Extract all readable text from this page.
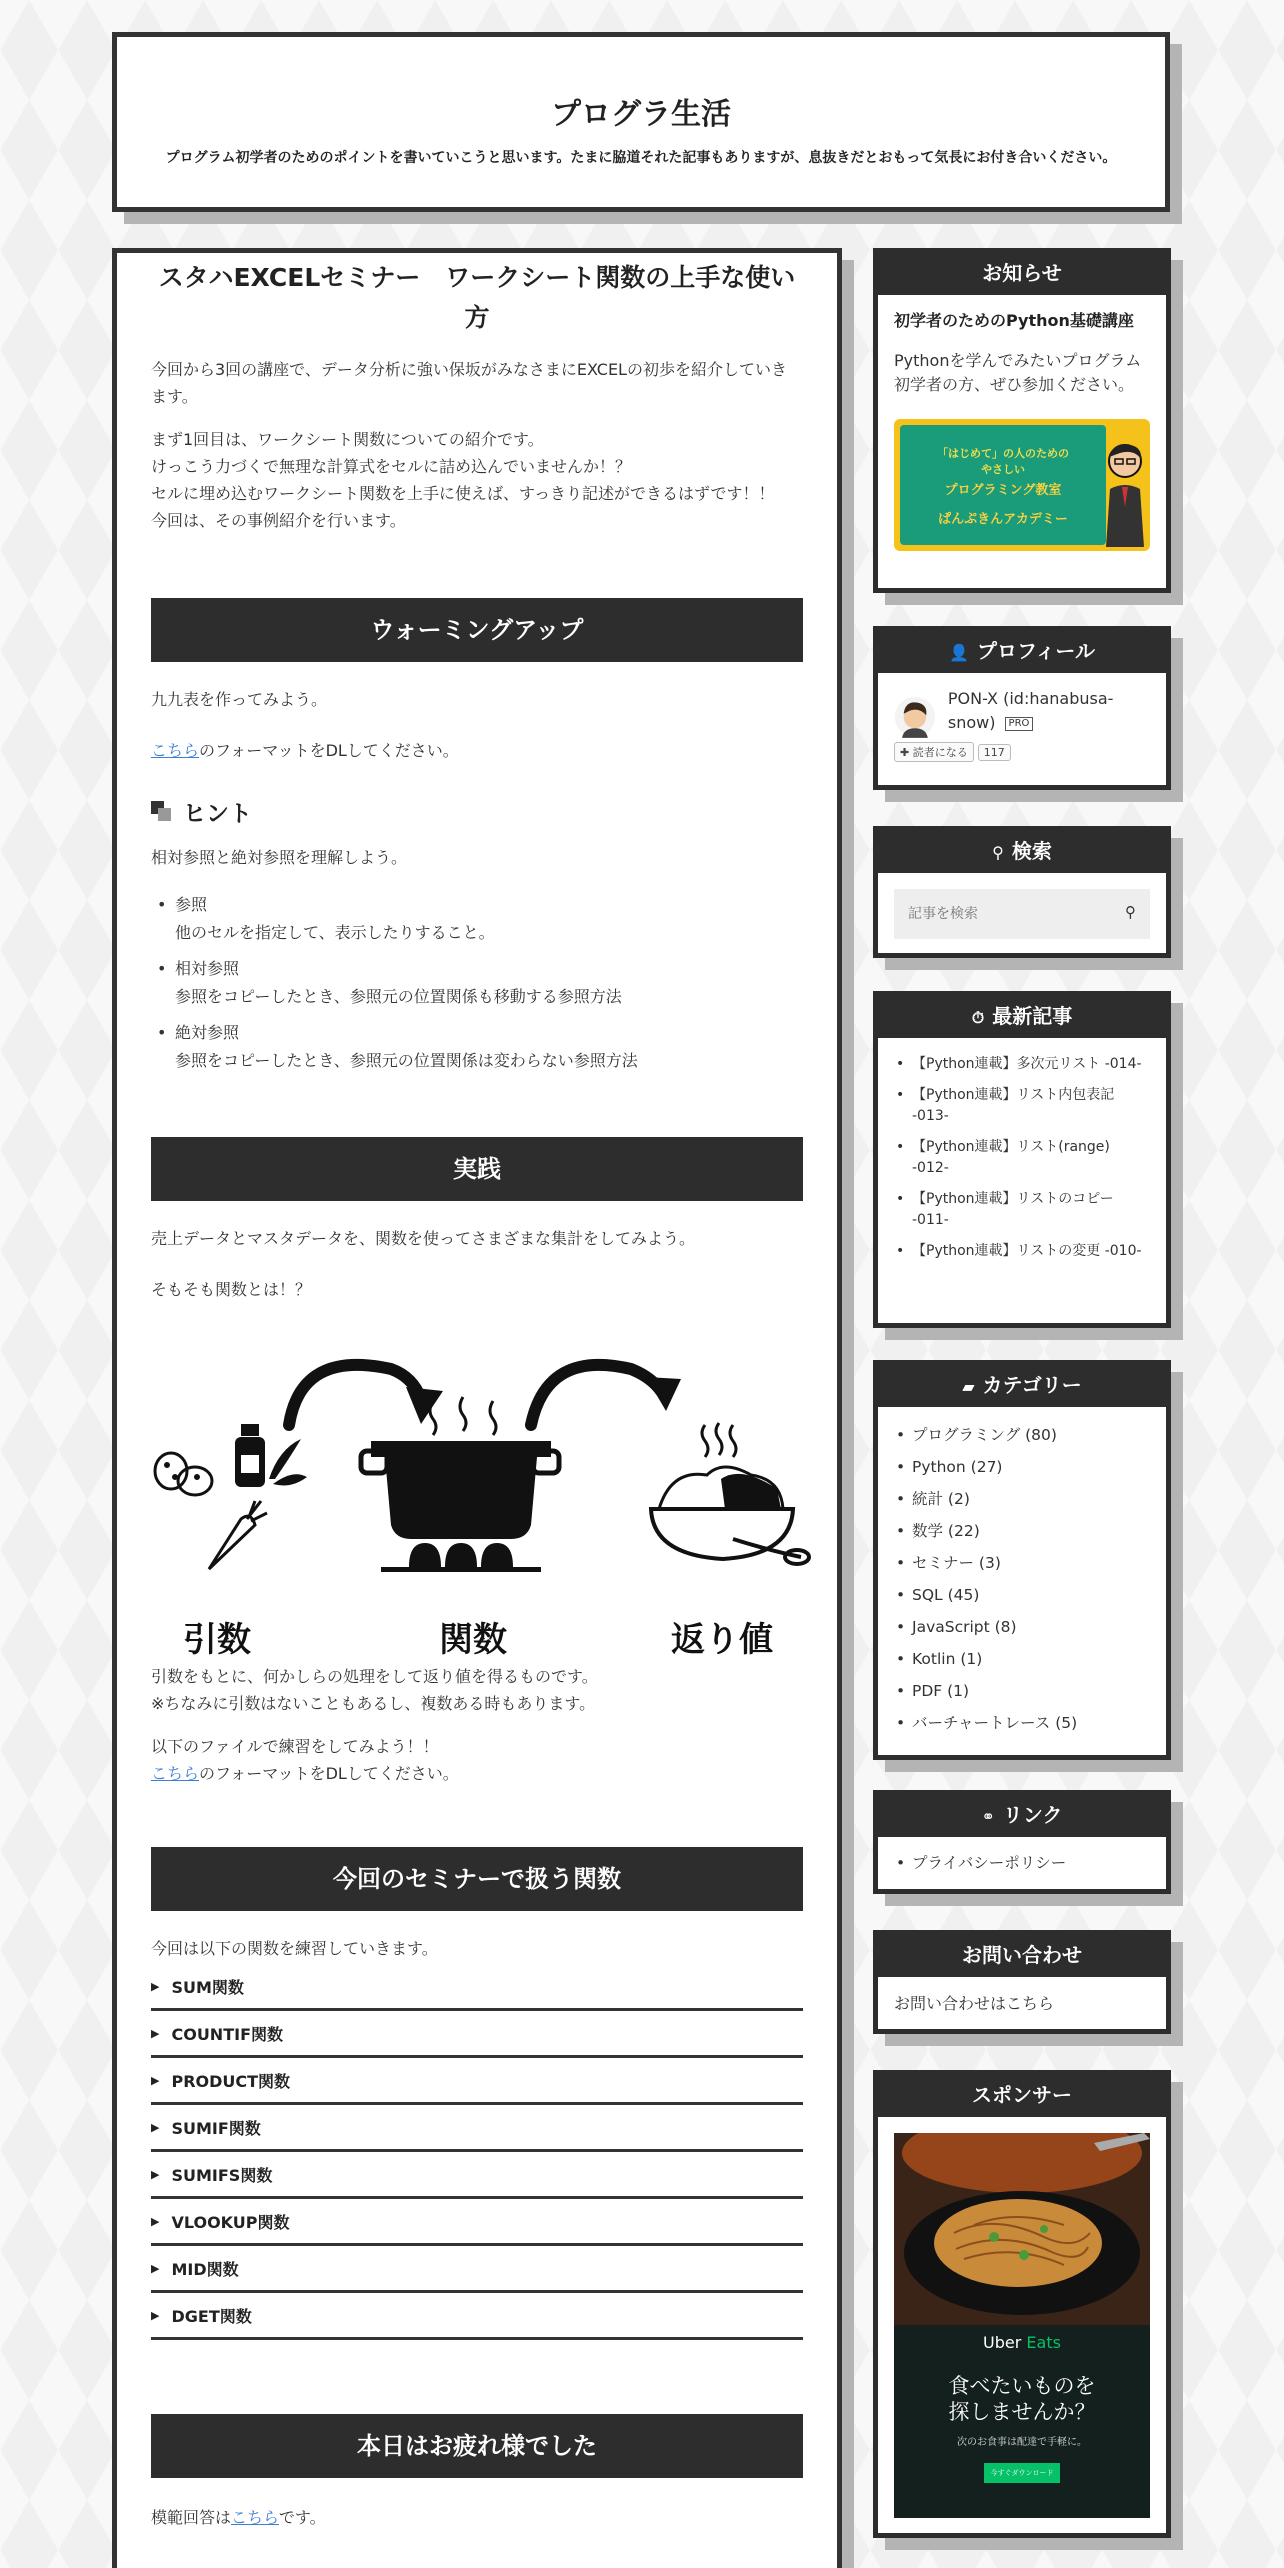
プログラ生活
プログラム初学者のためのポイントを書いていこうと思います。たまに脇道それた記事もありますが、息抜きだとおもって気長にお付き合いください。
スタハEXCELセミナー　ワークシート関数の上手な使い方

今回から3回の講座で、データ分析に強い保坂がみなさまにEXCELの初歩を紹介していき

ます。

まず1回目は、ワークシート関数についての紹介です。

けっこう力づくで無理な計算式をセルに詰め込んでいませんか！？

セルに埋め込むワークシート関数を上手に使えば、すっきり記述ができるはずです！！

今回は、その事例紹介を行います。

ウォーミングアップ

九九表を作ってみよう。

こちらのフォーマットをDLしてください。

ヒント

相対参照と絶対参照を理解しよう。

• 参照
他のセルを指定して、表示したりすること。
• 相対参照
参照をコピーしたとき、参照元の位置関係も移動する参照方法
• 絶対参照
参照をコピーしたとき、参照元の位置関係は変わらない参照方法
実践

売上データとマスタデータを、関数を使ってさまざまな集計をしてみよう。

そもそも関数とは！？

引数	関数	返り値

引数をもとに、何かしらの処理をして返り値を得るものです。

※ちなみに引数はないこともあるし、複数ある時もあります。

以下のファイルで練習をしてみよう！！

こちらのフォーマットをDLしてください。

今回のセミナーで扱う関数

今回は以下の関数を練習していきます。

▶ SUM関数
▶ COUNTIF関数
▶ PRODUCT関数
▶ SUMIF関数
▶ SUMIFS関数
▶ VLOOKUP関数
▶ MID関数
▶ DGET関数
本日はお疲れ様でした

模範回答はこちらです。

お知らせ
初学者のためのPython基礎講座
Pythonを学んでみたいプログラム初学者の方、ぜひ参加ください。
「はじめて」の人のための
やさしい
プログラミング教室
ぱんぷきんアカデミー
👤 プロフィール
PON-X (id:hanabusa-snow) PRO
✚ 読者になる 117
⚲ 検索
記事を検索
⚲
⏱ 最新記事
• 【Python連載】多次元リスト -014-
• 【Python連載】リスト内包表記 -013-
• 【Python連載】リスト(range) -012-
• 【Python連載】リストのコピー -011-
• 【Python連載】リストの変更 -010-
▰ カテゴリー
• プログラミング (80)
• Python (27)
• 統計 (2)
• 数学 (22)
• セミナー (3)
• SQL (45)
• JavaScript (8)
• Kotlin (1)
• PDF (1)
• バーチャートレース (5)
⚭ リンク
• プライバシーポリシー
お問い合わせ
お問い合わせはこちら
スポンサー
Uber Eats
食べたいものを
探しませんか？
次のお食事は配達で手軽に。
今すぐダウンロード
